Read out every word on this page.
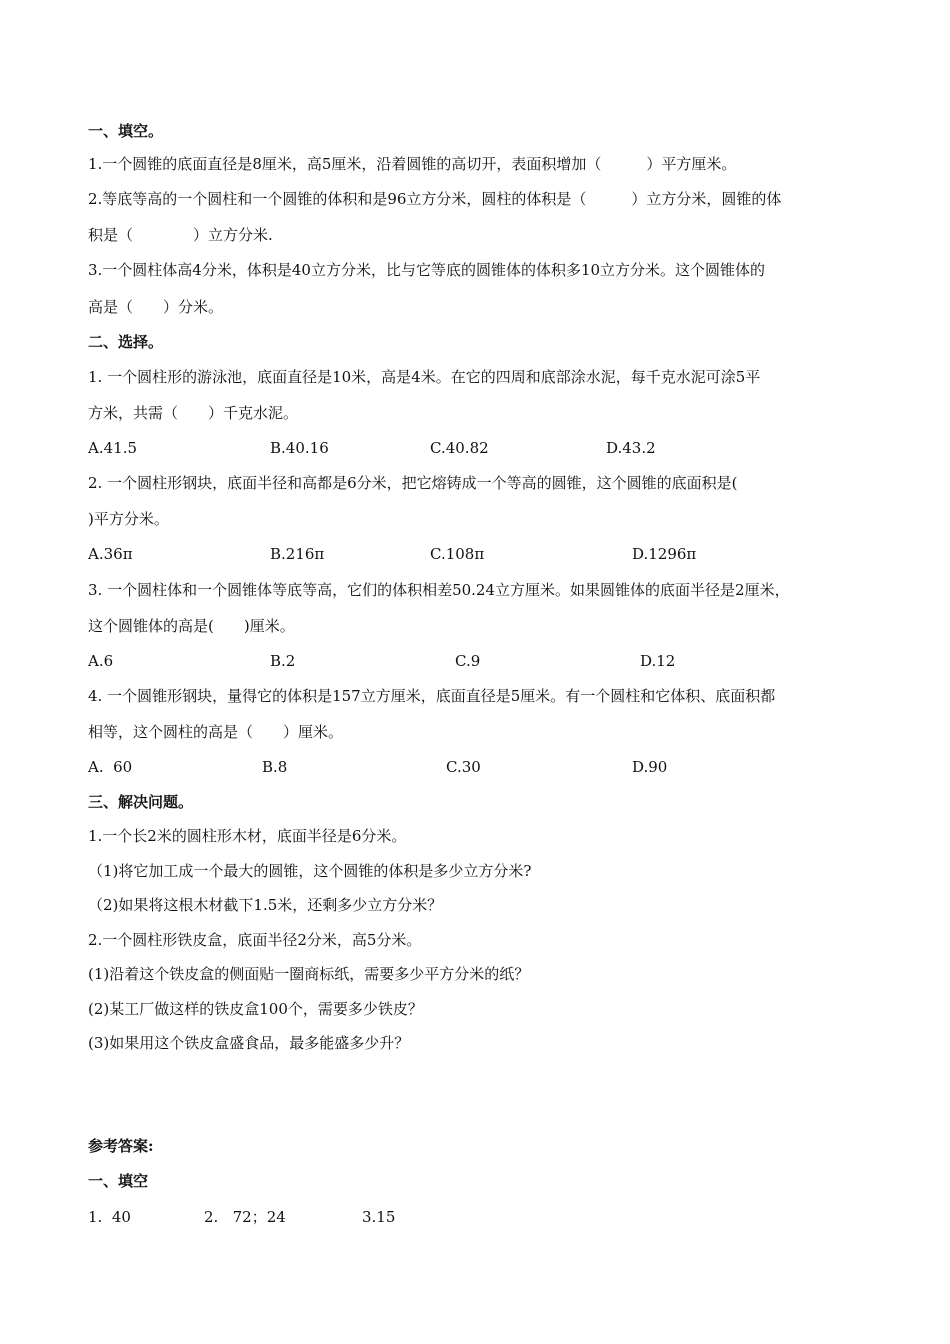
一、填空。
1.一个圆锥的底面直径是8厘米，高5厘米，沿着圆锥的高切开，表面积增加（　　　）平方厘米。
2.等底等高的一个圆柱和一个圆锥的体积和是96立方分米，圆柱的体积是（　　　）立方分米，圆锥的体
积是（　　　　）立方分米.
3.一个圆柱体高4分米，体积是40立方分米，比与它等底的圆锥体的体积多10立方分米。这个圆锥体的
高是（　　）分米。
二、选择。
1. 一个圆柱形的游泳池，底面直径是10米，高是4米。在它的四周和底部涂水泥，每千克水泥可涂5平
方米，共需（　　）千克水泥。
A.41.5	B.40.16	C.40.82	D.43.2
2. 一个圆柱形钢块，底面半径和高都是6分米，把它熔铸成一个等高的圆锥，这个圆锥的底面积是(
)平方分米。
A.36π	B.216π	C.108π	D.1296π
3. 一个圆柱体和一个圆锥体等底等高，它们的体积相差50.24立方厘米。如果圆锥体的底面半径是2厘米，
这个圆锥体的高是(　　)厘米。
A.6	B.2	C.9	D.12
4. 一个圆锥形钢块，量得它的体积是157立方厘米，底面直径是5厘米。有一个圆柱和它体积、底面积都
相等，这个圆柱的高是（　　）厘米。
A.  60	B.8	C.30	D.90
三、解决问题。
1.一个长2米的圆柱形木材，底面半径是6分米。
（1)将它加工成一个最大的圆锥，这个圆锥的体积是多少立方分米?
（2)如果将这根木材截下1.5米，还剩多少立方分米？
2.一个圆柱形铁皮盒，底面半径2分米，高5分米。
(1)沿着这个铁皮盒的侧面贴一圈商标纸，需要多少平方分米的纸？
(2)某工厂做这样的铁皮盒100个，需要多少铁皮？
(3)如果用这个铁皮盒盛食品，最多能盛多少升？
参考答案:
一、填空
1.  40	2.   72；24	3.15
